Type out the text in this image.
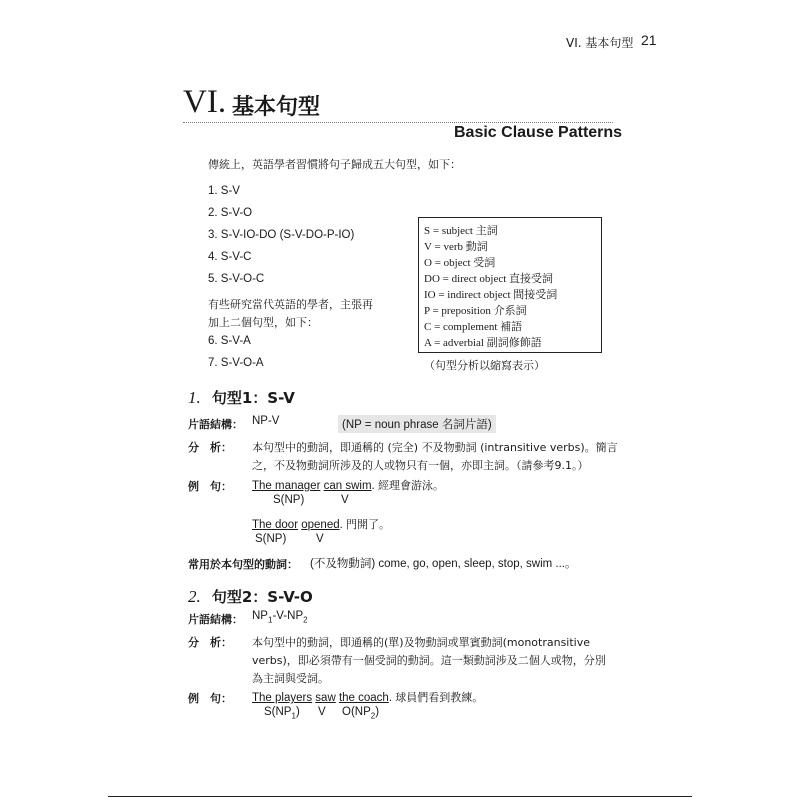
VI. 基本句型 21
VI. 基本句型
Basic Clause Patterns
傳統上，英語學者習慣將句子歸成五大句型，如下：
1. S-V
2. S-V-O
3. S-V-IO-DO (S-V-DO-P-IO)
4. S-V-C
5. S-V-O-C
有些研究當代英語的學者，主張再
加上二個句型，如下：
6. S-V-A
7. S-V-O-A
S = subject 主詞
V = verb 動詞
O = object 受詞
DO = direct object 直接受詞
IO = indirect object 間接受詞
P = preposition 介系詞
C = complement 補語
A = adverbial 副詞修飾語
（句型分析以縮寫表示）
1. 句型1：S-V
片語結構： NP-V	(NP = noun phrase 名詞片語)
分　析： 本句型中的動詞，即通稱的 (完全) 不及物動詞 (intransitive verbs)。簡言
之，不及物動詞所涉及的人或物只有一個，亦即主詞。（請參考9.1。）
例　句： The manager can swim. 經理會游泳。
S(NP)	V
The door opened. 門開了。
S(NP)	V
常用於本句型的動詞： (不及物動詞) come, go, open, sleep, stop, swim ...。
2. 句型2：S-V-O
片語結構： $NP_1-V-NP_2$
分　析： 本句型中的動詞，即通稱的(單)及物動詞或單賓動詞(monotransitive
verbs)，即必須帶有一個受詞的動詞。這一類動詞涉及二個人或物，分別
為主詞與受詞。
例　句： The players saw the coach. 球員們看到教練。
$S(NP_1)$ V $O(NP_2)$
